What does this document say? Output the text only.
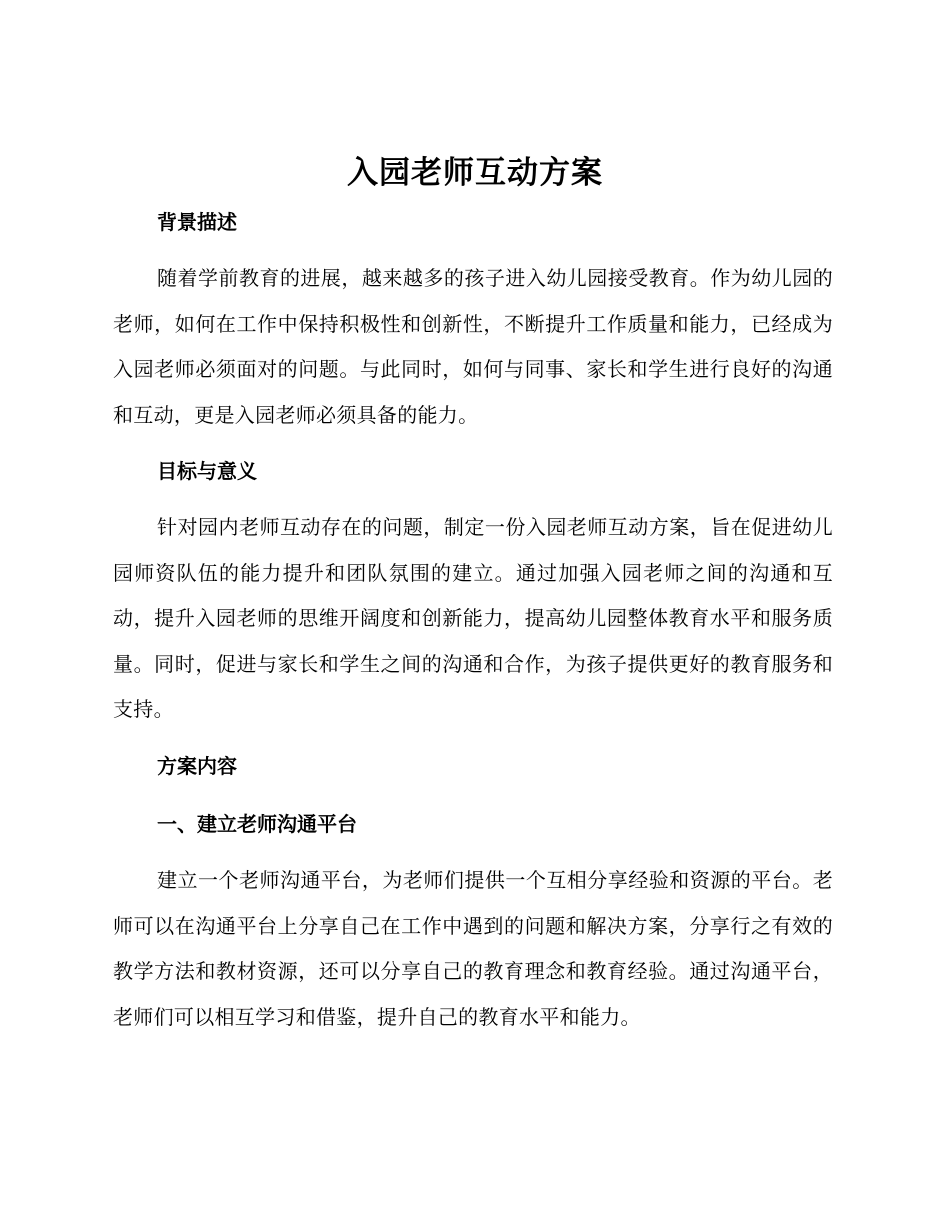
入园老师互动方案
背景描述

随着学前教育的进展，越来越多的孩子进入幼儿园接受教育。作为幼儿园的老师，如何在工作中保持积极性和创新性，不断提升工作质量和能力，已经成为入园老师必须面对的问题。与此同时，如何与同事、家长和学生进行良好的沟通和互动，更是入园老师必须具备的能力。

目标与意义

针对园内老师互动存在的问题，制定一份入园老师互动方案，旨在促进幼儿园师资队伍的能力提升和团队氛围的建立。通过加强入园老师之间的沟通和互动，提升入园老师的思维开阔度和创新能力，提高幼儿园整体教育水平和服务质量。同时，促进与家长和学生之间的沟通和合作，为孩子提供更好的教育服务和支持。

方案内容
一、建立老师沟通平台

建立一个老师沟通平台，为老师们提供一个互相分享经验和资源的平台。老师可以在沟通平台上分享自己在工作中遇到的问题和解决方案，分享行之有效的教学方法和教材资源，还可以分享自己的教育理念和教育经验。通过沟通平台，老师们可以相互学习和借鉴，提升自己的教育水平和能力。
